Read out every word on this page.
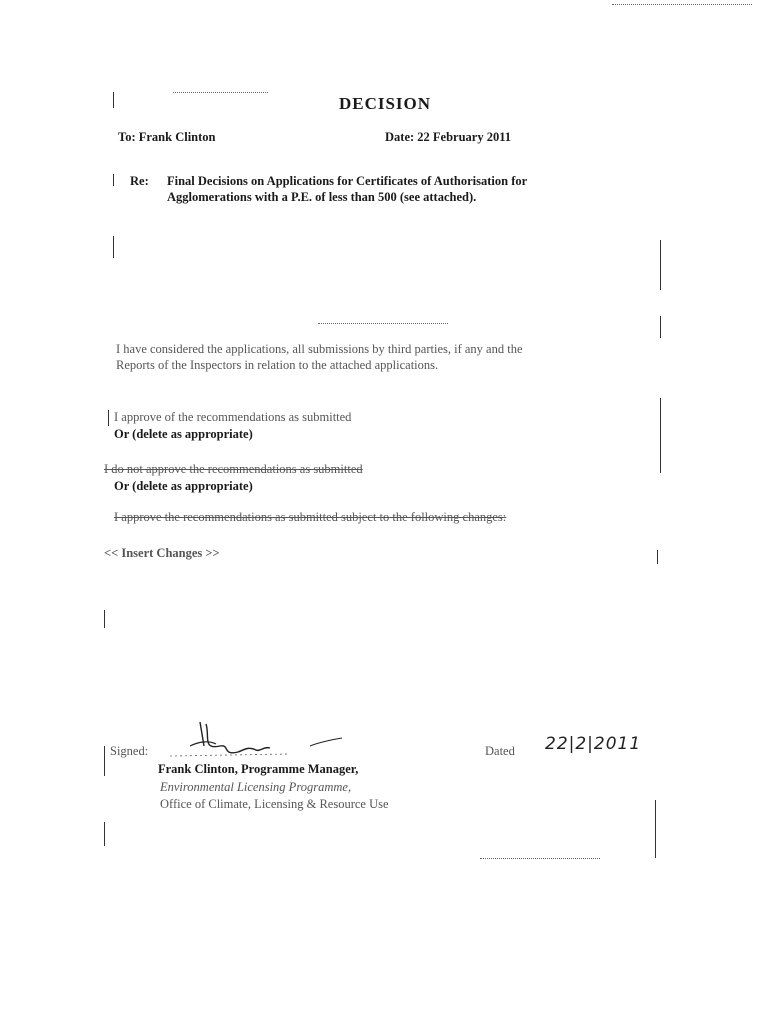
DECISION
To: Frank Clinton	Date: 22 February 2011
Re: Final Decisions on Applications for Certificates of Authorisation for
Agglomerations with a P.E. of less than 500 (see attached).
I have considered the applications, all submissions by third parties, if any and the
Reports of the Inspectors in relation to the attached applications.
I approve of the recommendations as submitted
Or (delete as appropriate)
I do not approve the recommendations as submitted
Or (delete as appropriate)
I approve the recommendations as submitted subject to the following changes:
<< Insert Changes >>
Signed:	Dated 22|2|2011
Frank Clinton, Programme Manager,
Environmental Licensing Programme,
Office of Climate, Licensing & Resource Use
